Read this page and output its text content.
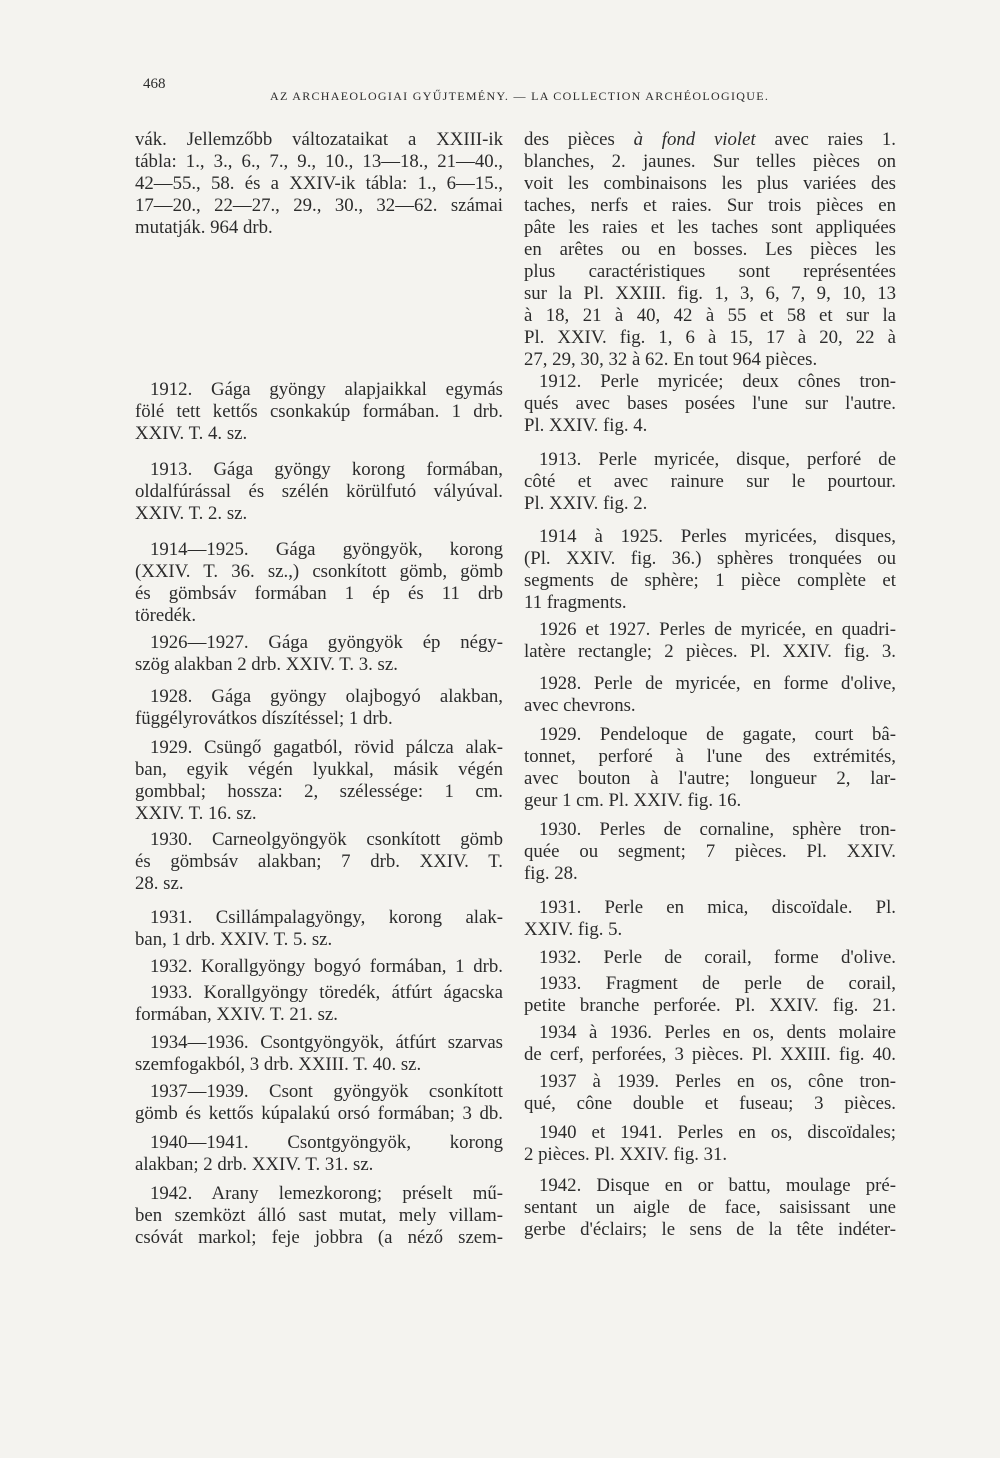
468
AZ ARCHAEOLOGIAI GYŰJTEMÉNY. — LA COLLECTION ARCHÉOLOGIQUE.
vák. Jellemzőbb változataikat a XXIII-ik
tábla: 1., 3., 6., 7., 9., 10., 13—18., 21—40.,
42—55., 58. és a XXIV-ik tábla: 1., 6—15.,
17—20., 22—27., 29., 30., 32—62. számai
mutatják. 964 drb.
1912. Gága gyöngy alapjaikkal egymás
fölé tett kettős csonkakúp formában. 1 drb.
XXIV. T. 4. sz.
1913. Gága gyöngy korong formában,
oldalfúrással és szélén körülfutó vályúval.
XXIV. T. 2. sz.
1914—1925. Gága gyöngyök, korong
(XXIV. T. 36. sz.,) csonkított gömb, gömb
és gömbsáv formában 1 ép és 11 drb
töredék.
1926—1927. Gága gyöngyök ép négy-
szög alakban 2 drb. XXIV. T. 3. sz.
1928. Gága gyöngy olajbogyó alakban,
függélyrovátkos díszítéssel; 1 drb.
1929. Csüngő gagatból, rövid pálcza alak-
ban, egyik végén lyukkal, másik végén
gombbal; hossza: 2, szélessége: 1 cm.
XXIV. T. 16. sz.
1930. Carneolgyöngyök csonkított gömb
és gömbsáv alakban; 7 drb. XXIV. T.
28. sz.
1931. Csillámpalagyöngy, korong alak-
ban, 1 drb. XXIV. T. 5. sz.
1932. Korallgyöngy bogyó formában, 1 drb.
1933. Korallgyöngy töredék, átfúrt ágacska
formában, XXIV. T. 21. sz.
1934—1936. Csontgyöngyök, átfúrt szarvas
szemfogakból, 3 drb. XXIII. T. 40. sz.
1937—1939. Csont gyöngyök csonkított
gömb és kettős kúpalakú orsó formában; 3 db.
1940—1941. Csontgyöngyök, korong
alakban; 2 drb. XXIV. T. 31. sz.
1942. Arany lemezkorong; préselt mű-
ben szemközt álló sast mutat, mely villam-
csóvát markol; feje jobbra (a néző szem-
des pièces à fond violet avec raies 1.
blanches, 2. jaunes. Sur telles pièces on
voit les combinaisons les plus variées des
taches, nerfs et raies. Sur trois pièces en
pâte les raies et les taches sont appliquées
en arêtes ou en bosses. Les pièces les
plus caractéristiques sont représentées
sur la Pl. XXIII. fig. 1, 3, 6, 7, 9, 10, 13
à 18, 21 à 40, 42 à 55 et 58 et sur la
Pl. XXIV. fig. 1, 6 à 15, 17 à 20, 22 à
27, 29, 30, 32 à 62. En tout 964 pièces.
1912. Perle myricée; deux cônes tron-
qués avec bases posées l'une sur l'autre.
Pl. XXIV. fig. 4.
1913. Perle myricée, disque, perforé de
côté et avec rainure sur le pourtour.
Pl. XXIV. fig. 2.
1914 à 1925. Perles myricées, disques,
(Pl. XXIV. fig. 36.) sphères tronquées ou
segments de sphère; 1 pièce complète et
11 fragments.
1926 et 1927. Perles de myricée, en quadri-
latère rectangle; 2 pièces. Pl. XXIV. fig. 3.
1928. Perle de myricée, en forme d'olive,
avec chevrons.
1929. Pendeloque de gagate, court bâ-
tonnet, perforé à l'une des extrémités,
avec bouton à l'autre; longueur 2, lar-
geur 1 cm. Pl. XXIV. fig. 16.
1930. Perles de cornaline, sphère tron-
quée ou segment; 7 pièces. Pl. XXIV.
fig. 28.
1931. Perle en mica, discoïdale. Pl.
XXIV. fig. 5.
1932. Perle de corail, forme d'olive.
1933. Fragment de perle de corail,
petite branche perforée. Pl. XXIV. fig. 21.
1934 à 1936. Perles en os, dents molaire
de cerf, perforées, 3 pièces. Pl. XXIII. fig. 40.
1937 à 1939. Perles en os, cône tron-
qué, cône double et fuseau; 3 pièces.
1940 et 1941. Perles en os, discoïdales;
2 pièces. Pl. XXIV. fig. 31.
1942. Disque en or battu, moulage pré-
sentant un aigle de face, saisissant une
gerbe d'éclairs; le sens de la tête indéter-
